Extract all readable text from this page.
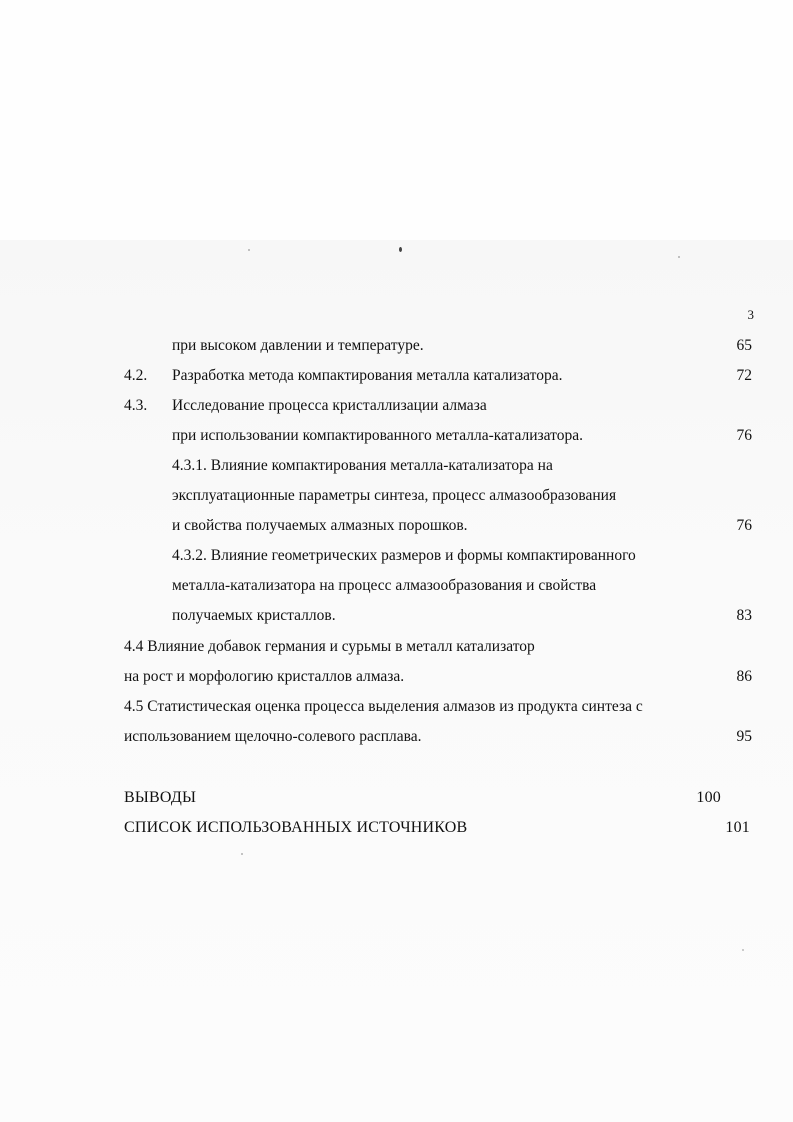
3
при высоком давлении и температуре.	65
4.2. Разработка метода компактирования металла катализатора.	72
4.3. Исследование процесса кристаллизации алмаза
при использовании компактированного металла-катализатора.	76
4.3.1. Влияние компактирования металла-катализатора на
эксплуатационные параметры синтеза, процесс алмазообразования
и свойства получаемых алмазных порошков.	76
4.3.2. Влияние геометрических размеров и формы компактированного
металла-катализатора на процесс алмазообразования и свойства
получаемых кристаллов.	83
4.4 Влияние добавок германия и сурьмы в металл катализатор
на рост и морфологию кристаллов алмаза.	86
4.5 Статистическая оценка процесса выделения алмазов из продукта синтеза с
использованием щелочно-солевого расплава.	95
ВЫВОДЫ	100
СПИСОК ИСПОЛЬЗОВАННЫХ ИСТОЧНИКОВ	101
